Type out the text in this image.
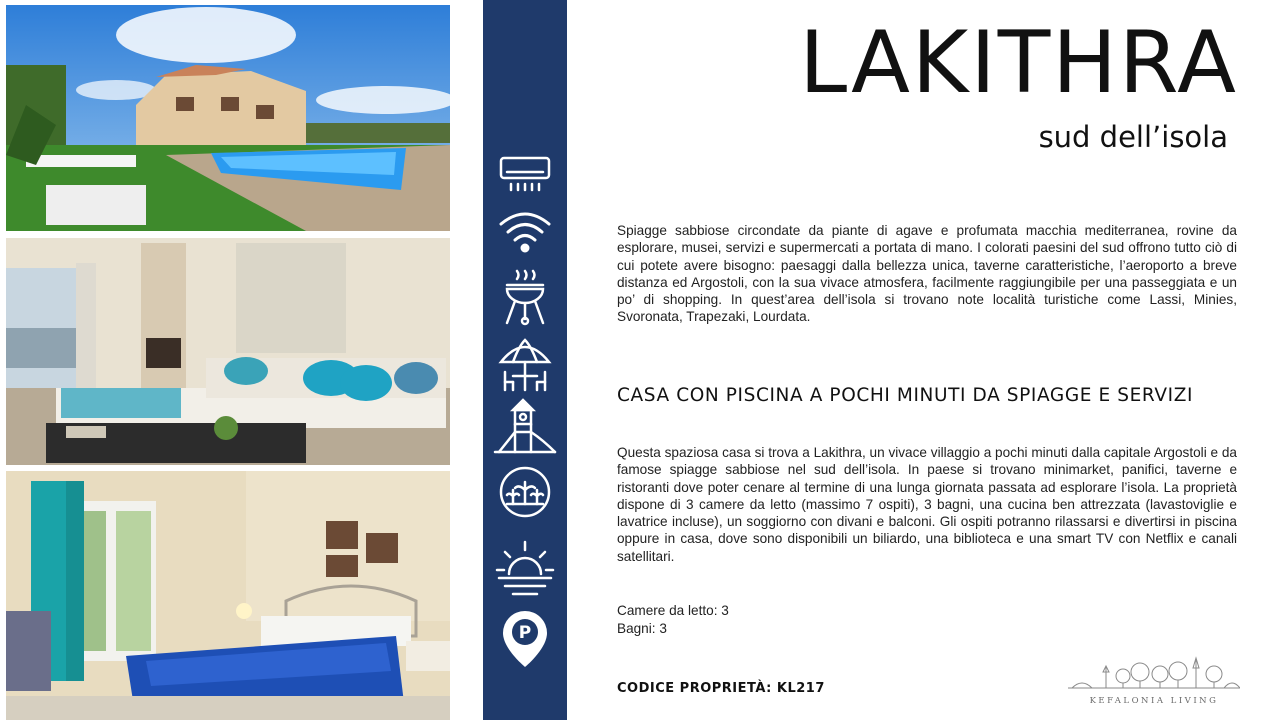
P
LAKITHRA
sud dell’isola
Spiagge sabbiose circondate da piante di agave e profumata macchia mediterranea, rovine da esplorare, musei, servizi e supermercati a portata di mano. I colorati paesini del sud offrono tutto ciò di cui potete avere bisogno: paesaggi dalla bellezza unica, taverne caratteristiche, l’aeroporto a breve distanza ed Argostoli, con la sua vivace atmosfera, facilmente raggiungibile per una passeggiata e un po’ di shopping. In quest’area dell’isola si trovano note località turistiche come Lassi, Minies, Svoronata, Trapezaki, Lourdata.
CASA CON PISCINA A POCHI MINUTI DA SPIAGGE E SERVIZI
Questa spaziosa casa si trova a Lakithra, un vivace villaggio a pochi minuti dalla capitale Argostoli e da famose spiagge sabbiose nel sud dell’isola. In paese si trovano minimarket, panifici, taverne e ristoranti dove poter cenare al termine di una lunga giornata passata ad esplorare l’isola. La proprietà dispone di 3 camere da letto (massimo 7 ospiti), 3 bagni, una cucina ben attrezzata (lavastoviglie e lavatrice incluse), un soggiorno con divani e balconi. Gli ospiti potranno rilassarsi e divertirsi in piscina oppure in casa, dove sono disponibili un biliardo, una biblioteca e una smart TV con Netflix e canali satellitari.
Camere da letto: 3
Bagni: 3
CODICE PROPRIETÀ: KL217
KEFALONIA LIVING
